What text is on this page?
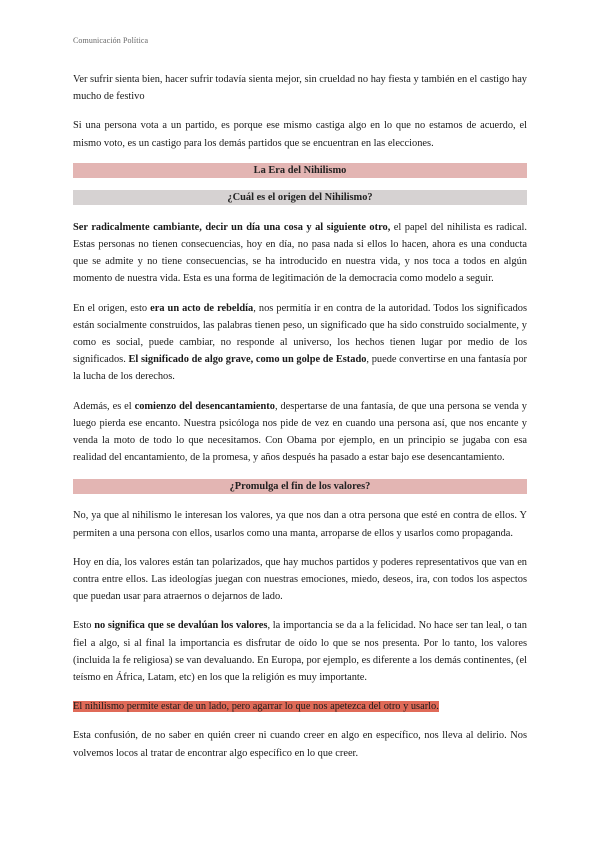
Comunicación Política

Ver sufrir sienta bien, hacer sufrir todavía sienta mejor, sin crueldad no hay fiesta y también en el castigo hay mucho de festivo

Si una persona vota a un partido, es porque ese mismo castiga algo en lo que no estamos de acuerdo, el mismo voto, es un castigo para los demás partidos que se encuentran en las elecciones.

La Era del Nihilismo
¿Cuál es el origen del Nihilismo?

Ser radicalmente cambiante, decir un día una cosa y al siguiente otro, el papel del nihilista es radical. Estas personas no tienen consecuencias, hoy en día, no pasa nada si ellos lo hacen, ahora es una conducta que se admite y no tiene consecuencias, se ha introducido en nuestra vida, y nos toca a todos en algún momento de nuestra vida. Esta es una forma de legitimación de la democracia como modelo a seguir.

En el origen, esto era un acto de rebeldía, nos permitía ir en contra de la autoridad. Todos los significados están socialmente construidos, las palabras tienen peso, un significado que ha sido construido socialmente, y como es social, puede cambiar, no responde al universo, los hechos tienen lugar por medio de los significados. El significado de algo grave, como un golpe de Estado, puede convertirse en una fantasía por la lucha de los derechos.

Además, es el comienzo del desencantamiento, despertarse de una fantasía, de que una persona se venda y luego pierda ese encanto. Nuestra psicóloga nos pide de vez en cuando una persona así, que nos encante y venda la moto de todo lo que necesitamos. Con Obama por ejemplo, en un principio se jugaba con esa realidad del encantamiento, de la promesa, y años después ha pasado a estar bajo ese desencantamiento.

¿Promulga el fin de los valores?

No, ya que al nihilismo le interesan los valores, ya que nos dan a otra persona que esté en contra de ellos. Y permiten a una persona con ellos, usarlos como una manta, arroparse de ellos y usarlos como propaganda.

Hoy en día, los valores están tan polarizados, que hay muchos partidos y poderes representativos que van en contra entre ellos. Las ideologías juegan con nuestras emociones, miedo, deseos, ira, con todos los aspectos que puedan usar para atraernos o dejarnos de lado.

Esto no significa que se devalúan los valores, la importancia se da a la felicidad. No hace ser tan leal, o tan fiel a algo, si al final la importancia es disfrutar de oído lo que se nos presenta. Por lo tanto, los valores (incluida la fe religiosa) se van devaluando. En Europa, por ejemplo, es diferente a los demás continentes, (el teísmo en África, Latam, etc) en los que la religión es muy importante.

El nihilismo permite estar de un lado, pero agarrar lo que nos apetezca del otro y usarlo.

Esta confusión, de no saber en quién creer ni cuando creer en algo en específico, nos lleva al delirio. Nos volvemos locos al tratar de encontrar algo específico en lo que creer.
